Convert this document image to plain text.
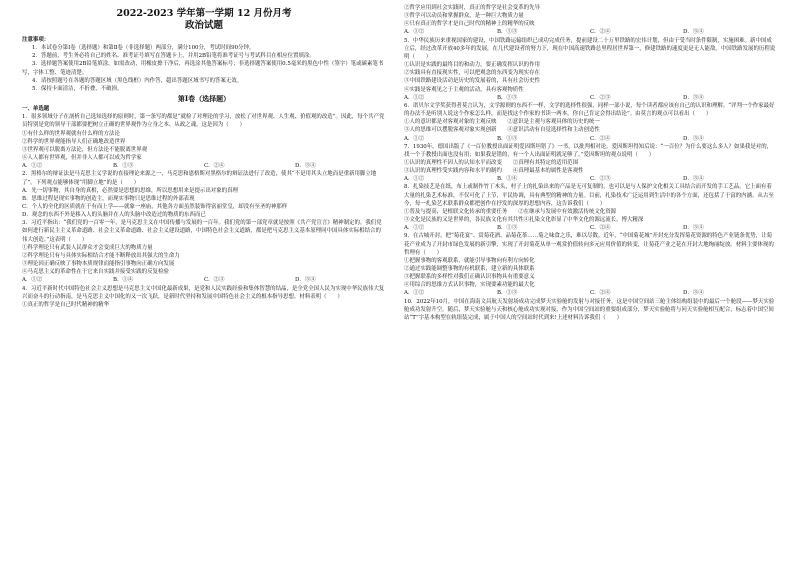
2022-2023 学年第一学期 12 月份月考
政治试题
注意事项：

1．本试卷分第Ⅰ卷（选择题）和第Ⅱ卷（非选择题）两部分，满分100分，考试时间90分钟。

2．答题前，考生务必将自己的姓名、准考证号填写在答题卡上，并用2B铅笔将准考证号与考试科目在相应位置填涂。

3．选择题答案使用2B铅笔填涂，如需改动，用橡皮擦干净后，再选涂其他答案标号；非选择题答案使用0.5毫米的黑色中性（签字）笔或碳素笔书写，字体工整、笔迹清楚。

4．请按照题号在各题的答题区域（黑色线框）内作答，超出答题区域书写的答案无效。

5．保持卡面清洁，不折叠，不破损。

第Ⅰ卷（选择题）
一、单选题

1．很多领域分子在剖析自己选知选择的原则时，第一条写的都是“就检了对理论的学习，放松了对世界观、人生观、价值观的改造”。因此，每个共产党员特别是党的领导干部都要把树立正确的世界观作为立身之本、从政之魂。这是因为（　　）

①有什么样的世界观就有什么样的方法论

②科学的世界观能指导人们正确地改造世界

③世界观可以脱离方法论，但方法论不能脱离世界观

④人人都有世界观，但并非人人都可以成为哲学家

A．①②	B．①③	C．②④	D．③④

2．黑格尔的辩证法是马克思主义学说的直接理论来源之一，马克思和恩格斯对黑格尔的辩证法进行了改造，使其“不是用其头立地而是重新用脚立地了”。下列观点能够体现“用脚立地”的是（　　）

A．先一切事物，其自身的真相，必然要是思想的思维，所以思想用来是提示出对象的真理

B．思维过程是现实事物的创造主，而现实事物只是思维过程的外部表现

C．个人的全化的区质就在于有而上学——就象一座庙，其他各方面虽然装饰得富丽堂皇，却没有至圣的神那样

D．观念的东西不外是移入人的头脑并在人的头脑中改造过的物质的东西而已

3．习近平指出：“我们党的一百零一年，是马克思主义在中国传播与发展的一百年。我们党的第一部党章就是按照《共产党宣言》精神制定的。我们党如何进行新民主主义革命道路、社会主义革命道路、社会主义建设道路，中国特色社会主义道路，都是把马克思主义基本原理同中国具体实际相结合的伟大创造。”这表明（　　）

①科学理论只有武装人民群众才会变成巨大的物质力量

②科学理论只有与具体实际相结合才能不断释放出其强大的生命力

③理论因正确反映了事物本质规律而能指引事物向正确方向发展

④马克思主义的革命性在于它来自实践并接受实践的反复检验

A．①②	B．①④	C．②③	D．③④

4．习近平新时代中国特色社会主义思想是马克思主义中国化最新成果，是党和人民实践经验和集体智慧的结晶，是全党全国人民为实现中华民族伟大复兴而奋斗的行动指南，是马克思主义中国化的又一次飞跃，是新时代坚持和发展中国特色社会主义的根本指导思想。材料表明（　　）

①真正的哲学是自己时代精神的精华

②哲学应用到社会实践时，真正的哲学是社会变革的先导

③哲学可以动员和掌握群众，是一种巨大物质力量

④只有真正的哲学才是自己时代的精神上的精华的反映

A．①②	B．①③	C．②④	D．③④

5．中华民族历来重视国家的建设，中国铁路运输组织已成功完成任务，提前建设二十万里铁路的宏伟计划，但由于受当时条件限制，实施困难。新中国成立后，经过改革开放40多年的发展，在几代建设者的努力下，现在中国高速铁路总里程居世界第一，修建铁路的速度更是无人能敌。中国铁路发展的历程说明（　　）

①认识是实践的最终目的和动力，要正确发挥认识的作用

②实践具有直接现实性，可以把观念的东西变为现实存在

③中国铁路建设活动是历史的发展着的，具有社会历史性

④实践是客观见之于主观的活动，具有客观物质性

A．①②	B．①③	C．②③	D．③④

6．诺贝尔文学奖获得者莫言认为，文学源则的东西不一样，文学的选择性很强，同样一部小说，每个读者都应该有自己的认识和理解。“评判一个作家最好的办法不是听别人说这个作家怎么样，而是找这个作家的书读一两本，你自己肯定会得出结论”。由莫言的观点可以看出（　　）

①人的意识都是对客观对象的主观反映　　②意识是主观与客观具体的历史的统一

③人的思维可以摆脱客观对象实现创新　　④意识活动有自觉选择性和主动创造性

A．①②	B．①③	C．②④	D．③④

7．1930年，德国出版了《一百位教授出面证明爱因斯坦错了》一书，以批判相对论。爱因斯坦得知后说：“一百位？为什么要这么多人？如果我是对的，找一个于教授出面也没有用；如果我是错的，有一个人出面证明就足够了。”爱因斯坦的观点说明（　　）

①认识的真理性不因人的认知水平而改变　　②真理有其特定的适用范围

③认识的真理性受实践内容和水平的制约　　④真理最基本的属性是客观性

A．①②	B．①④	C．②③	D．③④

8．扎染技艺是在纸，布上或制作竹丁木头，村子上的扎染出来的产品是无可复制的，也可以是与人保护文化相关工具结合而开发的手工艺品，它上面有着大量的扎染艺术标准，不仅可化了上节，平民协调，具有典型的精神的力量。目前，扎染技术广泛运用到生活中的各个方面，还包括了于富的内涵。从古至今，每一扎染艺术联系群众都把创作在抒发的深厚的思想内容，这告诉我们（　　）

①普及与提高，是植联文化传承的重要任务　　②在继承与发展中有效激活传统文化资源

③文化是民族的又是世界的，各民族文化有其共性④扎染文化彰显了中华文化的源远流长，博大精深

A．①②	B．①③	C．②④	D．③④

9．在古城开封，把“菊花宴”、赏菊花酒、品菊花茶……菊之味食之乐，难以尽数。近年，“中国菊花城”开封充分发挥菊花资源的特色产业链条优势，让菊花产业成为了开封市绿色发展的新引擎，实现了开封菊花从单一观赏价值转向多元应用价值的转变，让菊花产业之花在开封大地绚丽绽放。材料主要体现的哲理有（　　）

①把握事物的客观联系，就能引导事物向有利方向转化

②通过实践能调整事物的有机联系，建立新的具体联系

③把握联系的多样性对我们正确认识事物具有重要意义

④用综合的思维方式认识事物，实现要素功能的最大化

A．①②	B．①③	C．②④	D．③④

10．2022年10月，中国在海南文昌航天发射场成功完成梦天实验舱的发射与对接任务，这是中国空间站三舱主体结构组装中的最后一个舱段——梦天实验舱成功发射升空。随后，梦天实验舱与天和核心舱成功实现对接，作为中国空间站的重要组成部分，梦天实验舱将与问天实验舱相互配合，标志着中国空间站“T”字基本构型在轨组装完成，属于中国人的空间站时代到来!上述材料告诉我们（　　）
